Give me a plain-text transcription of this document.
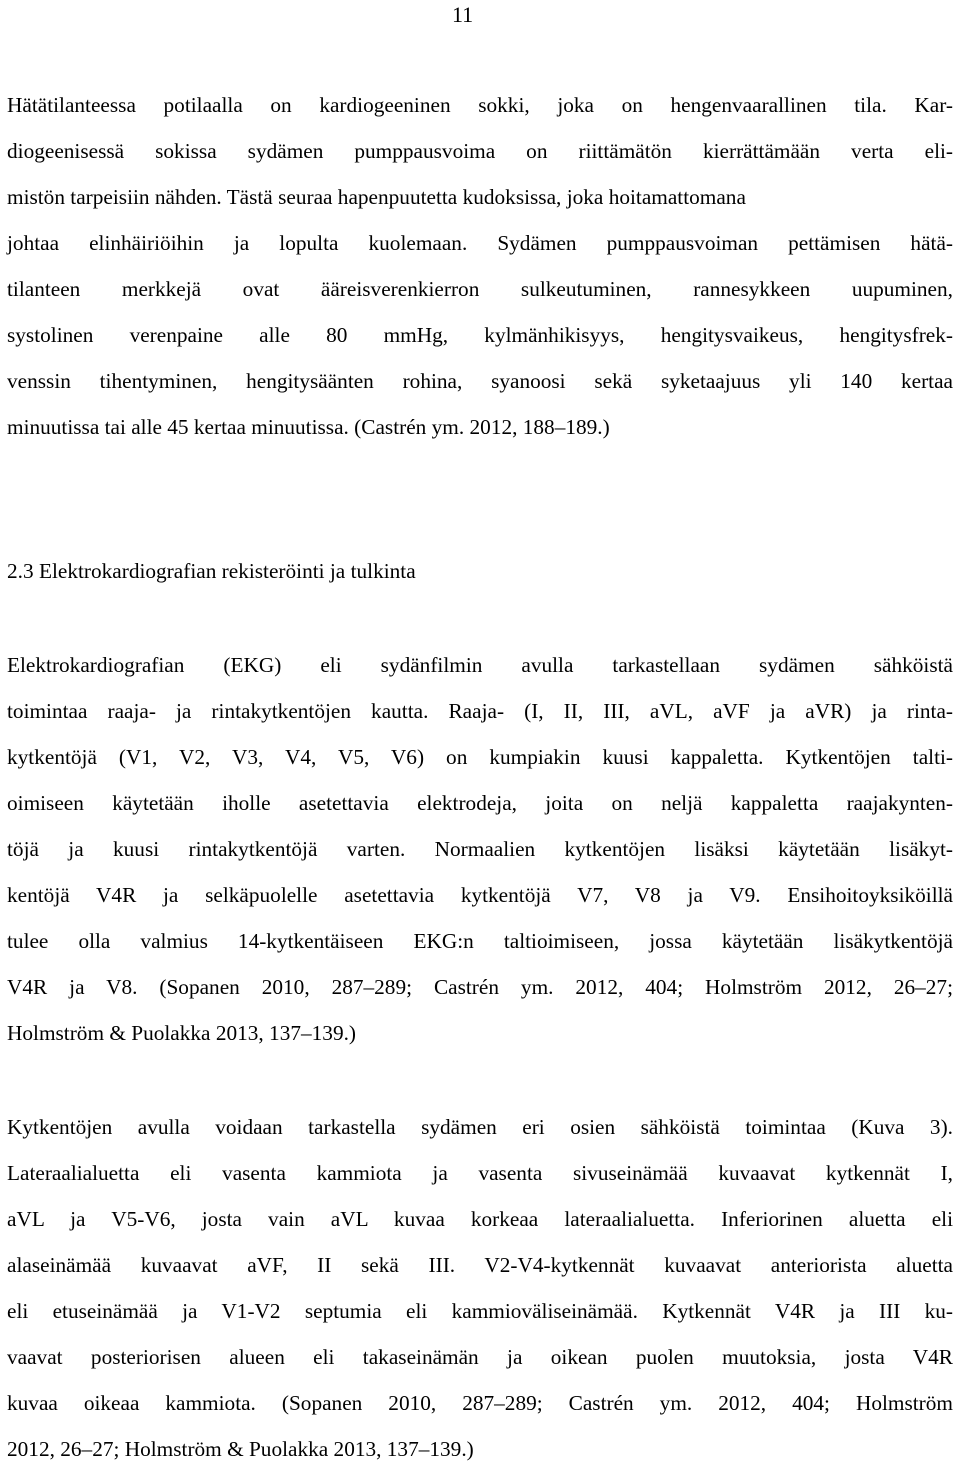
11
Hätätilanteessa potilaalla on kardiogeeninen sokki, joka on hengenvaarallinen tila. Kar-
diogeenisessä sokissa sydämen pumppausvoima on riittämätön kierrättämään verta eli-
mistön tarpeisiin nähden. Tästä seuraa hapenpuutetta kudoksissa, joka hoitamattomana
johtaa elinhäiriöihin ja lopulta kuolemaan. Sydämen pumppausvoiman pettämisen hätä-
tilanteen merkkejä ovat ääreisverenkierron sulkeutuminen, rannesykkeen uupuminen,
systolinen verenpaine alle 80 mmHg, kylmänhikisyys, hengitysvaikeus, hengitysfrek-
venssin tihentyminen, hengitysäänten rohina, syanoosi sekä syketaajuus yli 140 kertaa
minuutissa tai alle 45 kertaa minuutissa. (Castrén ym. 2012, 188–189.)
2.3 Elektrokardiografian rekisteröinti ja tulkinta
Elektrokardiografian (EKG) eli sydänfilmin avulla tarkastellaan sydämen sähköistä
toimintaa raaja- ja rintakytkentöjen kautta. Raaja- (I, II, III, aVL, aVF ja aVR) ja rinta-
kytkentöjä (V1, V2, V3, V4, V5, V6) on kumpiakin kuusi kappaletta. Kytkentöjen talti-
oimiseen käytetään iholle asetettavia elektrodeja, joita on neljä kappaletta raajakynten-
töjä ja kuusi rintakytkentöjä varten. Normaalien kytkentöjen lisäksi käytetään lisäkyt-
kentöjä V4R ja selkäpuolelle asetettavia kytkentöjä V7, V8 ja V9. Ensihoitoyksiköillä
tulee olla valmius 14-kytkentäiseen EKG:n taltioimiseen, jossa käytetään lisäkytkentöjä
V4R ja V8. (Sopanen 2010, 287–289; Castrén ym. 2012, 404; Holmström 2012, 26–27;
Holmström & Puolakka 2013, 137–139.)
Kytkentöjen avulla voidaan tarkastella sydämen eri osien sähköistä toimintaa (Kuva 3).
Lateraalialuetta eli vasenta kammiota ja vasenta sivuseinämää kuvaavat kytkennät I,
aVL ja V5-V6, josta vain aVL kuvaa korkeaa lateraalialuetta. Inferiorinen aluetta eli
alaseinämää kuvaavat aVF, II sekä III. V2-V4-kytkennät kuvaavat anteriorista aluetta
eli etuseinämää ja V1-V2 septumia eli kammioväliseinämää. Kytkennät V4R ja III ku-
vaavat posteriorisen alueen eli takaseinämän ja oikean puolen muutoksia, josta V4R
kuvaa oikeaa kammiota. (Sopanen 2010, 287–289; Castrén ym. 2012, 404; Holmström
2012, 26–27; Holmström & Puolakka 2013, 137–139.)
